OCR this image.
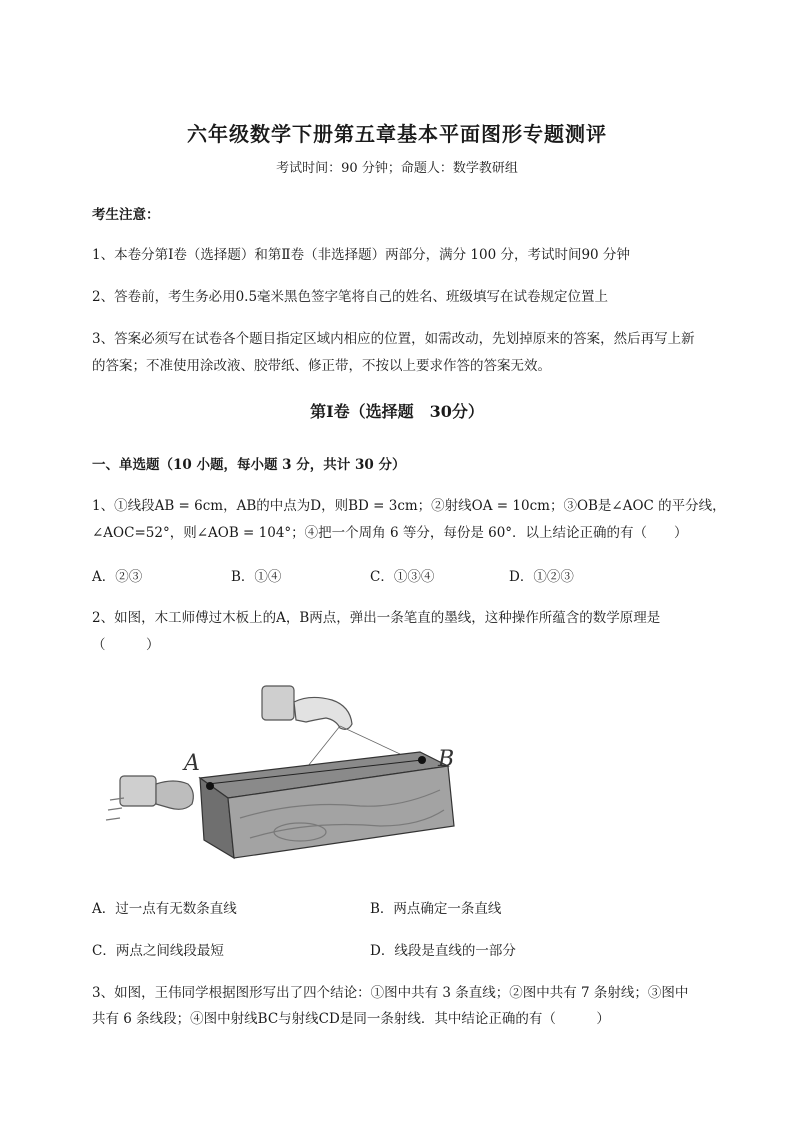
六年级数学下册第五章基本平面图形专题测评
考试时间：90 分钟；命题人：数学教研组
考生注意：
1、本卷分第Ⅰ卷（选择题）和第Ⅱ卷（非选择题）两部分，满分 100 分，考试时间90 分钟
2、答卷前，考生务必用0.5毫米黑色签字笔将自己的姓名、班级填写在试卷规定位置上
3、答案必须写在试卷各个题目指定区域内相应的位置，如需改动，先划掉原来的答案，然后再写上新
的答案；不准使用涂改液、胶带纸、修正带，不按以上要求作答的答案无效。
第Ⅰ卷（选择题　30分）
一、单选题（10 小题，每小题 3 分，共计 30 分）
1、①线段AB = 6cm，AB的中点为D，则BD = 3cm；②射线OA = 10cm；③OB是∠AOC 的平分线，
∠AOC=52°，则∠AOB = 104°；④把一个周角 6 等分，每份是 60°．以上结论正确的有（　　）
A．②③	B．①④	C．①③④	D．①②③
2、如图，木工师傅过木板上的A，B两点，弹出一条笔直的墨线，这种操作所蕴含的数学原理是
（　　　）
A	B
A．过一点有无数条直线	B．两点确定一条直线
C．两点之间线段最短	D．线段是直线的一部分
3、如图，王伟同学根据图形写出了四个结论：①图中共有 3 条直线；②图中共有 7 条射线；③图中
共有 6 条线段；④图中射线BC与射线CD是同一条射线．其中结论正确的有（　　　）
